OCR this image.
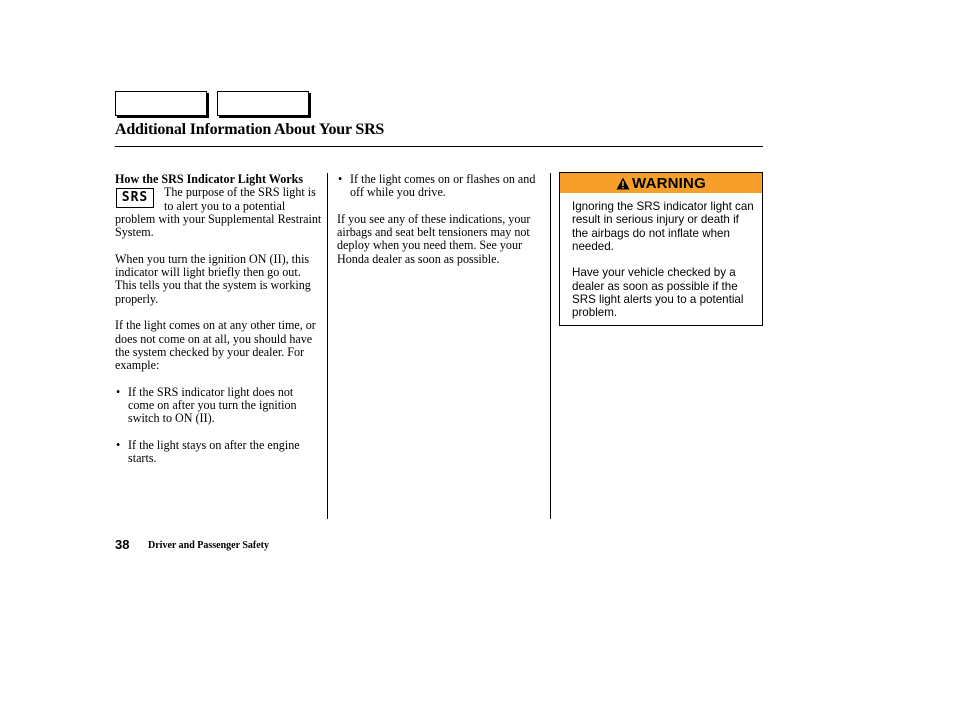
Additional Information About Your SRS

How the SRS Indicator Light Works

SRS	The purpose of the SRS light is to alert you to a potential problem with your Supplemental Restraint System.

When you turn the ignition ON (II), this indicator will light briefly then go out. This tells you that the system is working properly.

If the light comes on at any other time, or does not come on at all, you should have the system checked by your dealer. For example:

• If the SRS indicator light does not come on after you turn the ignition switch to ON (II).
• If the light stays on after the engine starts.
• If the light comes on or flashes on and off while you drive.

If you see any of these indications, your airbags and seat belt tensioners may not deploy when you need them. See your Honda dealer as soon as possible.

WARNING

Ignoring the SRS indicator light can result in serious injury or death if the airbags do not inflate when needed.

Have your vehicle checked by a dealer as soon as possible if the SRS light alerts you to a potential problem.

38 Driver and Passenger Safety
